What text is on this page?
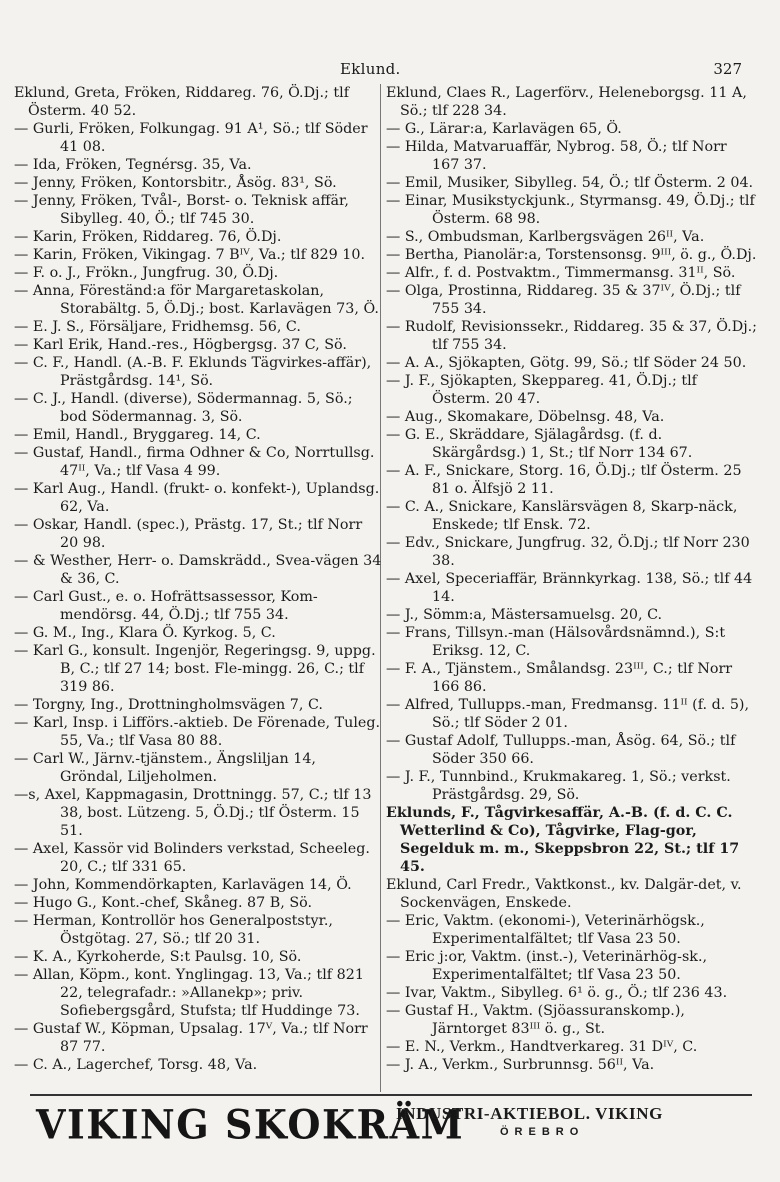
Eklund.	327

Eklund, Greta, Fröken, Riddareg. 76, Ö.Dj.; tlf Österm. 40 52.

— Gurli, Fröken, Folkungag. 91 A¹, Sö.; tlf Söder 41 08.

— Ida, Fröken, Tegnérsg. 35, Va.

— Jenny, Fröken, Kontorsbitr., Åsög. 83¹, Sö.

— Jenny, Fröken, Tvål-, Borst- o. Teknisk affär, Sibylleg. 40, Ö.; tlf 745 30.

— Karin, Fröken, Riddareg. 76, Ö.Dj.

— Karin, Fröken, Vikingag. 7 Bᴵⱽ, Va.; tlf 829 10.

— F. o. J., Frökn., Jungfrug. 30, Ö.Dj.

— Anna, Föreständ:a för Margaretaskolan, Storabältg. 5, Ö.Dj.; bost. Karlavägen 73, Ö.

— E. J. S., Försäljare, Fridhemsg. 56, C.

— Karl Erik, Hand.-res., Högbergsg. 37 C, Sö.

— C. F., Handl. (A.-B. F. Eklunds Tägvirkes-affär), Prästgårdsg. 14¹, Sö.

— C. J., Handl. (diverse), Södermannag. 5, Sö.; bod Södermannag. 3, Sö.

— Emil, Handl., Bryggareg. 14, C.

— Gustaf, Handl., firma Odhner & Co, Norrtullsg. 47ᴵᴵ, Va.; tlf Vasa 4 99.

— Karl Aug., Handl. (frukt- o. konfekt-), Uplandsg. 62, Va.

— Oskar, Handl. (spec.), Prästg. 17, St.; tlf Norr 20 98.

— & Westher, Herr- o. Damskrädd., Svea-vägen 34 & 36, C.

— Carl Gust., e. o. Hofrättsassessor, Kom-mendörsg. 44, Ö.Dj.; tlf 755 34.

— G. M., Ing., Klara Ö. Kyrkog. 5, C.

— Karl G., konsult. Ingenjör, Regeringsg. 9, uppg. B, C.; tlf 27 14; bost. Fle-mingg. 26, C.; tlf 319 86.

— Torgny, Ing., Drottningholmsvägen 7, C.

— Karl, Insp. i Lifförs.-aktieb. De Förenade, Tuleg. 55, Va.; tlf Vasa 80 88.

— Carl W., Järnv.-tjänstem., Ängsliljan 14, Gröndal, Liljeholmen.

—s, Axel, Kappmagasin, Drottningg. 57, C.; tlf 13 38, bost. Lützeng. 5, Ö.Dj.; tlf Österm. 15 51.

— Axel, Kassör vid Bolinders verkstad, Scheeleg. 20, C.; tlf 331 65.

— John, Kommendörkapten, Karlavägen 14, Ö.

— Hugo G., Kont.-chef, Skåneg. 87 B, Sö.

— Herman, Kontrollör hos Generalpoststyr., Östgötag. 27, Sö.; tlf 20 31.

— K. A., Kyrkoherde, S:t Paulsg. 10, Sö.

— Allan, Köpm., kont. Ynglingag. 13, Va.; tlf 821 22, telegrafadr.: »Allanekp»; priv. Sofiebergsgård, Stufsta; tlf Huddinge 73.

— Gustaf W., Köpman, Upsalag. 17ⱽ, Va.; tlf Norr 87 77.

— C. A., Lagerchef, Torsg. 48, Va.

Eklund, Claes R., Lagerförv., Heleneborgsg. 11 A, Sö.; tlf 228 34.

— G., Lärar:a, Karlavägen 65, Ö.

— Hilda, Matvaruaffär, Nybrog. 58, Ö.; tlf Norr 167 37.

— Emil, Musiker, Sibylleg. 54, Ö.; tlf Österm. 2 04.

— Einar, Musikstyckjunk., Styrmansg. 49, Ö.Dj.; tlf Österm. 68 98.

— S., Ombudsman, Karlbergsvägen 26ᴵᴵ, Va.

— Bertha, Pianolär:a, Torstensonsg. 9ᴵᴵᴵ, ö. g., Ö.Dj.

— Alfr., f. d. Postvaktm., Timmermansg. 31ᴵᴵ, Sö.

— Olga, Prostinna, Riddareg. 35 & 37ᴵⱽ, Ö.Dj.; tlf 755 34.

— Rudolf, Revisionssekr., Riddareg. 35 & 37, Ö.Dj.; tlf 755 34.

— A. A., Sjökapten, Götg. 99, Sö.; tlf Söder 24 50.

— J. F., Sjökapten, Skeppareg. 41, Ö.Dj.; tlf Österm. 20 47.

— Aug., Skomakare, Döbelnsg. 48, Va.

— G. E., Skräddare, Själagårdsg. (f. d. Skärgårdsg.) 1, St.; tlf Norr 134 67.

— A. F., Snickare, Storg. 16, Ö.Dj.; tlf Österm. 25 81 o. Älfsjö 2 11.

— C. A., Snickare, Kanslärsvägen 8, Skarp-näck, Enskede; tlf Ensk. 72.

— Edv., Snickare, Jungfrug. 32, Ö.Dj.; tlf Norr 230 38.

— Axel, Speceriaffär, Brännkyrkag. 138, Sö.; tlf 44 14.

— J., Sömm:a, Mästersamuelsg. 20, C.

— Frans, Tillsyn.-man (Hälsovårdsnämnd.), S:t Eriksg. 12, C.

— F. A., Tjänstem., Smålandsg. 23ᴵᴵᴵ, C.; tlf Norr 166 86.

— Alfred, Tullupps.-man, Fredmansg. 11ᴵᴵ (f. d. 5), Sö.; tlf Söder 2 01.

— Gustaf Adolf, Tullupps.-man, Åsög. 64, Sö.; tlf Söder 350 66.

— J. F., Tunnbind., Krukmakareg. 1, Sö.; verkst. Prästgårdsg. 29, Sö.

Eklunds, F., Tågvirkesaffär, A.-B. (f. d. C. C. Wetterlind & Co), Tågvirke, Flag-gor, Segelduk m. m., Skeppsbron 22, St.; tlf 17 45.

Eklund, Carl Fredr., Vaktkonst., kv. Dalgär-det, v. Sockenvägen, Enskede.

— Eric, Vaktm. (ekonomi-), Veterinärhögsk., Experimentalfältet; tlf Vasa 23 50.

— Eric j:or, Vaktm. (inst.-), Veterinärhög-sk., Experimentalfältet; tlf Vasa 23 50.

— Ivar, Vaktm., Sibylleg. 6¹ ö. g., Ö.; tlf 236 43.

— Gustaf H., Vaktm. (Sjöassuranskomp.), Järntorget 83ᴵᴵᴵ ö. g., St.

— E. N., Verkm., Handtverkareg. 31 Dᴵⱽ, C.

— J. A., Verkm., Surbrunnsg. 56ᴵᴵ, Va.

VIKING SKOKRÄM
INDUSTRI-AKTIEBOL. VIKING
ÖREBRO
